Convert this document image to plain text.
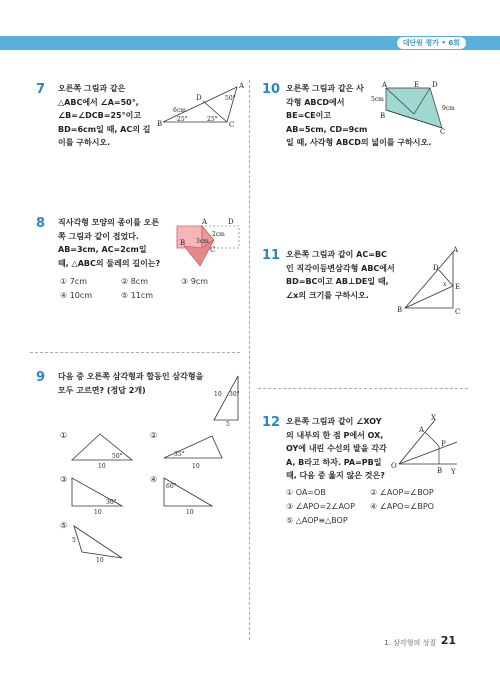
대단원 평가 • 6회
7 오른쪽 그림과 같은
△ABC에서 ∠A=50°,
∠B=∠DCB=25°이고
BD=6cm일 때, AC의 길
이를 구하시오.
B
A
C
D
6cm
50°
25°	25°
8 직사각형 모양의 종이를 오른
쪽 그림과 같이 접었다.
AB=3cm, AC=2cm일
때, △ABC의 둘레의 길이는?
A	D
B
C
2cm
3cm
① 7cm	② 8cm	③ 9cm
④ 10cm	⑤ 11cm
9 다음 중 오른쪽 삼각형과 합동인 삼각형을
모두 고르면? (정답 2개)	10 30°
5
①
50°
10
②
35°
10
③
30°
10
④
60°
10
⑤
5
10
10 오른쪽 그림과 같은 사
각형 ABCD에서
BE=CE이고
AB=5cm, CD=9cm
일 때, 사각형 ABCD의 넓이를 구하시오.
A
B
C
D
E
5cm
9cm
11 오른쪽 그림과 같이 AC=BC
인 직각이등변삼각형 ABC에서
BD=BC이고 AB⊥DE일 때,
∠x의 크기를 구하시오.
A
B	C
D
E
x
12 오른쪽 그림과 같이 ∠XOY
의 내부의 한 점 P에서 OX,
OY에 내린 수선의 발을 각각
A, B라고 하자. PA=PB일
때, 다음 중 옳지 않은 것은?
X
Y
O
P
A
B
① OA=OB	② ∠AOP=∠BOP
③ ∠APO=2∠AOP ④ ∠APO=∠BPO
⑤ △AOP≡△BOP
1. 삼각형의 성질 21
